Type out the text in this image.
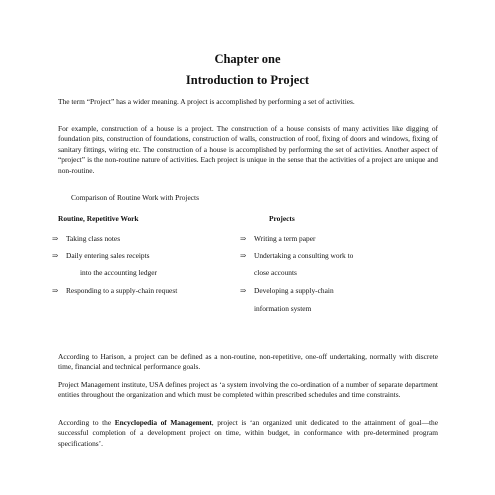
Chapter one
Introduction to Project

The term “Project” has a wider meaning. A project is accomplished by performing a set of activities.

For example, construction of a house is a project. The construction of a house consists of many activities like digging of foundation pits, construction of foundations, construction of walls, construction of roof, fixing of doors and windows, fixing of sanitary fittings, wiring etc. The construction of a house is accomplished by performing the set of activities. Another aspect of “project” is the non-routine nature of activities. Each project is unique in the sense that the activities of a project are unique and non-routine.

Comparison of Routine Work with Projects
Routine, Repetitive Work	Projects
⇒ Taking class notes
⇒ Daily entering sales receipts
into the accounting ledger
⇒ Responding to a supply-chain request
⇒ Writing a term paper
⇒ Undertaking a consulting work to
close accounts
⇒ Developing a supply-chain
information system

According to Harison, a project can be defined as a non-routine, non-repetitive, one-off undertaking, normally with discrete time, financial and technical performance goals.

Project Management institute, USA defines project as ‘a system involving the co-ordination of a number of separate department entities throughout the organization and which must be completed within prescribed schedules and time constraints.

According to the Encyclopedia of Management, project is ‘an organized unit dedicated to the attainment of goal—the successful completion of a development project on time, within budget, in conformance with pre-determined program specifications’.
